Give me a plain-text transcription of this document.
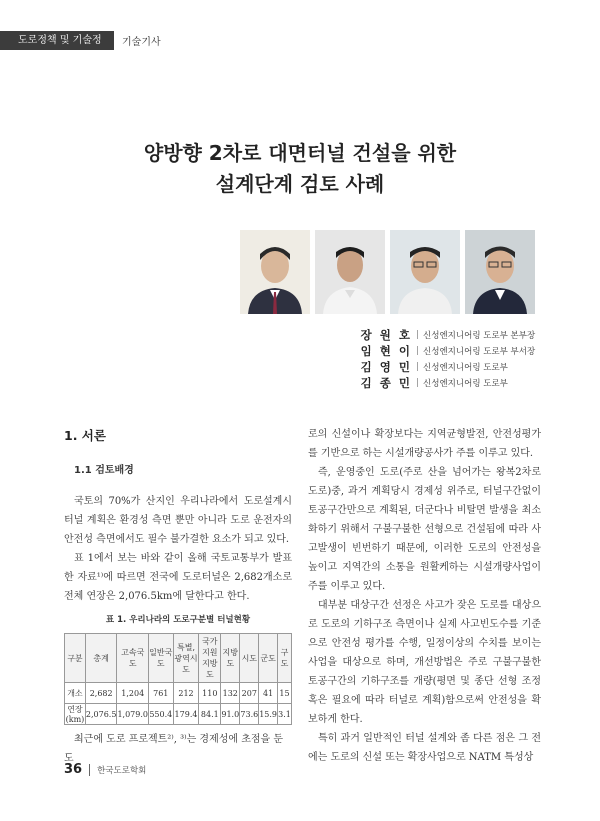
도로정책 및 기술정보
기술기사
양방향 2차로 대면터널 건설을 위한
설계단계 검토 사례
장 원 호 | 신성엔지니어링 도로부 본부장
임 현 이 | 신성엔지니어링 도로부 부서장
김 영 민 | 신성엔지니어링 도로부
김 종 민 | 신성엔지니어링 도로부
1. 서론
1.1 검토배경

국토의 70%가 산지인 우리나라에서 도로설계시 터널 계획은 환경성 측면 뿐만 아니라 도로 운전자의 안전성 측면에서도 필수 불가결한 요소가 되고 있다.

표 1에서 보는 바와 같이 올해 국토교통부가 발표한 자료¹⁾에 따르면 전국에 도로터널은 2,682개소로 전체 연장은 2,076.5km에 달한다고 한다.

표 1. 우리나라의 도로구분별 터널현황
구분	총계	고속국도	일반국도	특별,광역시도	국가지원지방도	지방도	시도	군도	구도
개소	2,682	1,204	761	212	110	132	207	41	15
연장(km)	2,076.5	1,079.0	550.4	179.4	84.1	91.0	73.6	15.9	3.1
최근에 도로 프로젝트²⁾, ³⁾는 경제성에 초점을 둔 도

로의 신설이나 확장보다는 지역균형발전, 안전성평가를 기반으로 하는 시설개량공사가 주를 이루고 있다.

즉, 운영중인 도로(주로 산을 넘어가는 왕복2차로 도로)중, 과거 계획당시 경제성 위주로, 터널구간없이 토공구간만으로 계획된, 더군다나 비탈면 발생을 최소화하기 위해서 구불구불한 선형으로 건설됨에 따라 사고발생이 빈번하기 때문에, 이러한 도로의 안전성을 높이고 지역간의 소통을 원활케하는 시설개량사업이 주를 이루고 있다.

대부분 대상구간 선정은 사고가 잦은 도로를 대상으로 도로의 기하구조 측면이나 실제 사고빈도수를 기준으로 안전성 평가를 수행, 일정이상의 수치를 보이는 사업을 대상으로 하며, 개선방법은 주로 구불구불한 토공구간의 기하구조를 개량(평면 및 종단 선형 조정 혹은 필요에 따라 터널로 계획)함으로써 안전성을 확보하게 한다.

특히 과거 일반적인 터널 설계와 좀 다른 점은 그 전에는 도로의 신설 또는 확장사업으로 NATM 특성상

36 한국도로학회
